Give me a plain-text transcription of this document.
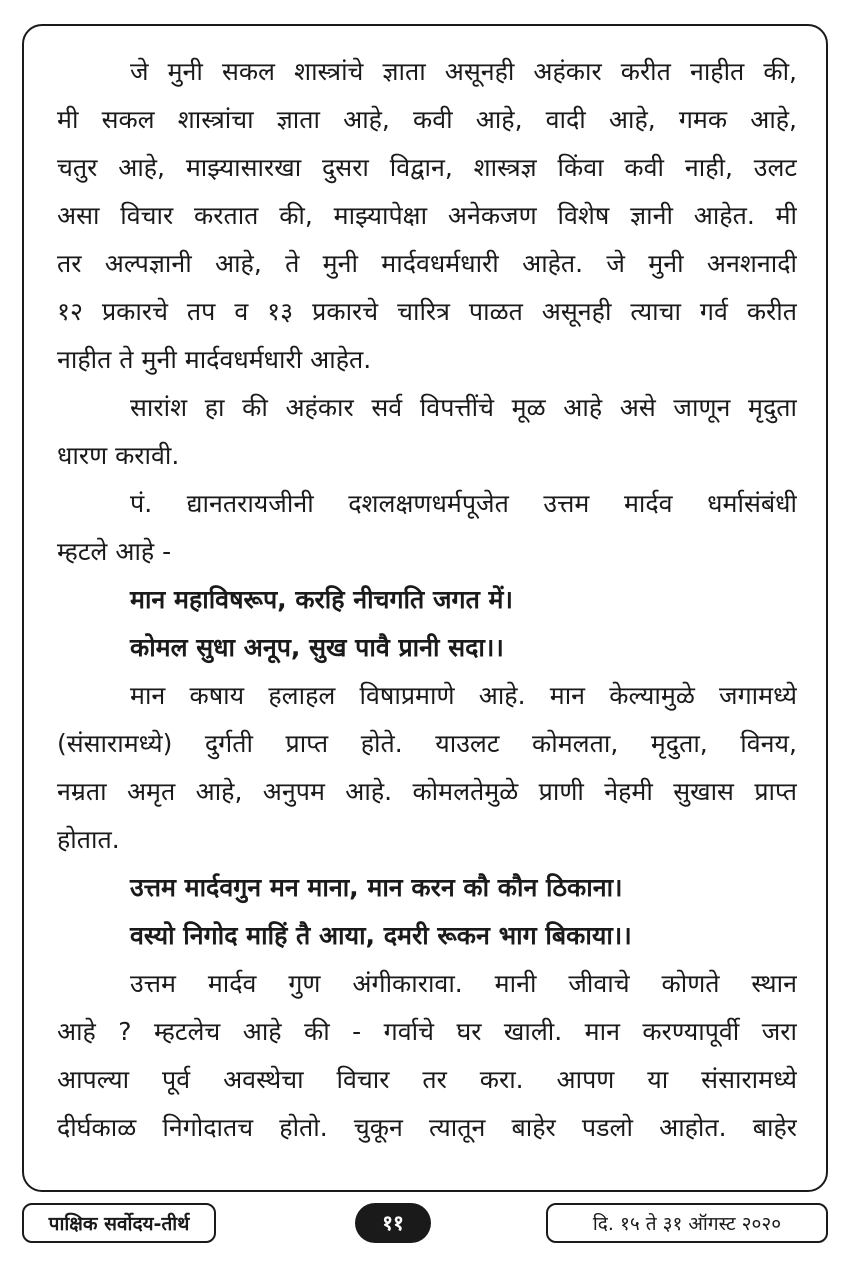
जे मुनी सकल शास्त्रांचे ज्ञाता असूनही अहंकार करीत नाहीत की,
मी सकल शास्त्रांचा ज्ञाता आहे, कवी आहे, वादी आहे, गमक आहे,
चतुर आहे, माझ्यासारखा दुसरा विद्वान, शास्त्रज्ञ किंवा कवी नाही, उलट
असा विचार करतात की, माझ्यापेक्षा अनेकजण विशेष ज्ञानी आहेत. मी
तर अल्पज्ञानी आहे, ते मुनी मार्दवधर्मधारी आहेत. जे मुनी अनशनादी
१२ प्रकारचे तप व १३ प्रकारचे चारित्र पाळत असूनही त्याचा गर्व करीत
नाहीत ते मुनी मार्दवधर्मधारी आहेत.
सारांश हा की अहंकार सर्व विपत्तींचे मूळ आहे असे जाणून मृदुता
धारण करावी.
पं. द्यानतरायजीनी दशलक्षणधर्मपूजेत उत्तम मार्दव धर्मासंबंधी
म्हटले आहे -
मान महाविषरूप, करहि नीचगति जगत में।
कोमल सुधा अनूप, सुख पावै प्रानी सदा।।
मान कषाय हलाहल विषाप्रमाणे आहे. मान केल्यामुळे जगामध्ये
(संसारामध्ये) दुर्गती प्राप्त होते. याउलट कोमलता, मृदुता, विनय,
नम्रता अमृत आहे, अनुपम आहे. कोमलतेमुळे प्राणी नेहमी सुखास प्राप्त
होतात.
उत्तम मार्दवगुन मन माना, मान करन कौ कौन ठिकाना।
वस्यो निगोद माहिं तै आया, दमरी रूकन भाग बिकाया।।
उत्तम मार्दव गुण अंगीकारावा. मानी जीवाचे कोणते स्थान
आहे ? म्हटलेच आहे की - गर्वाचे घर खाली. मान करण्यापूर्वी जरा
आपल्या पूर्व अवस्थेचा विचार तर करा. आपण या संसारामध्ये
दीर्घकाळ निगोदातच होतो. चुकून त्यातून बाहेर पडलो आहोत. बाहेर
पाक्षिक सर्वोदय-तीर्थ	११	दि. १५ ते ३१ ऑगस्ट २०२०
